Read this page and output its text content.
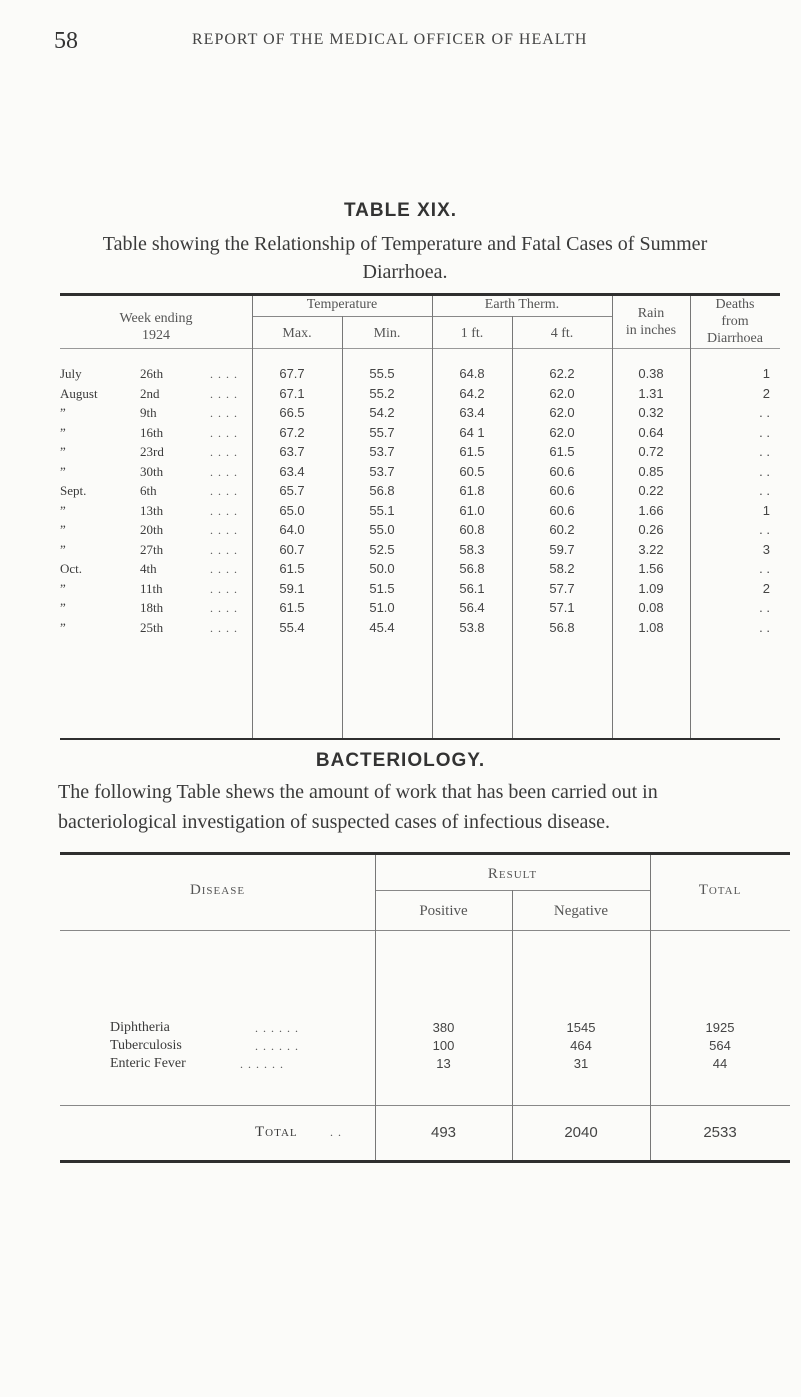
58	REPORT OF THE MEDICAL OFFICER OF HEALTH
TABLE XIX.
Table showing the Relationship of Temperature and Fatal Cases of Summer Diarrhoea.
Week ending
1924
Temperature
Max.	Min.
Earth Therm.
1 ft.	4 ft.
Rain
in inches
Deaths
from
Diarrhoea
July	26th	67.7	55.5	64.8	62.2	0.38	1
. . . .
August	2nd	67.1	55.2	64.2	62.0	1.31	2
. . . .
”	9th	66.5	54.2	63.4	62.0	0.32	. .
. . . .
”	16th	67.2	55.7	64 1	62.0	0.64	. .
. . . .
”	23rd	63.7	53.7	61.5	61.5	0.72	. .
. . . .
”	30th	63.4	53.7	60.5	60.6	0.85	. .
. . . .
Sept.	6th	65.7	56.8	61.8	60.6	0.22	. .
. . . .
”	13th	65.0	55.1	61.0	60.6	1.66	1
. . . .
”	20th	64.0	55.0	60.8	60.2	0.26	. .
. . . .
”	27th	60.7	52.5	58.3	59.7	3.22	3
. . . .
Oct.	4th	61.5	50.0	56.8	58.2	1.56	. .
. . . .
”	11th	59.1	51.5	56.1	57.7	1.09	2
. . . .
”	18th	61.5	51.0	56.4	57.1	0.08	. .
. . . .
”	25th	55.4	45.4	53.8	56.8	1.08	. .
. . . .
BACTERIOLOGY.
The following Table shews the amount of work that has been carried out in bacteriological investigation of suspected cases of infectious disease.
Disease
Result
Positive	Negative
Total
Diphtheria	380	1545	1925
. . . . . .
Tuberculosis	100	464	564
. . . . . .
Enteric Fever	13	31	44
. . . . . .
Total	. .	493	2040	2533
